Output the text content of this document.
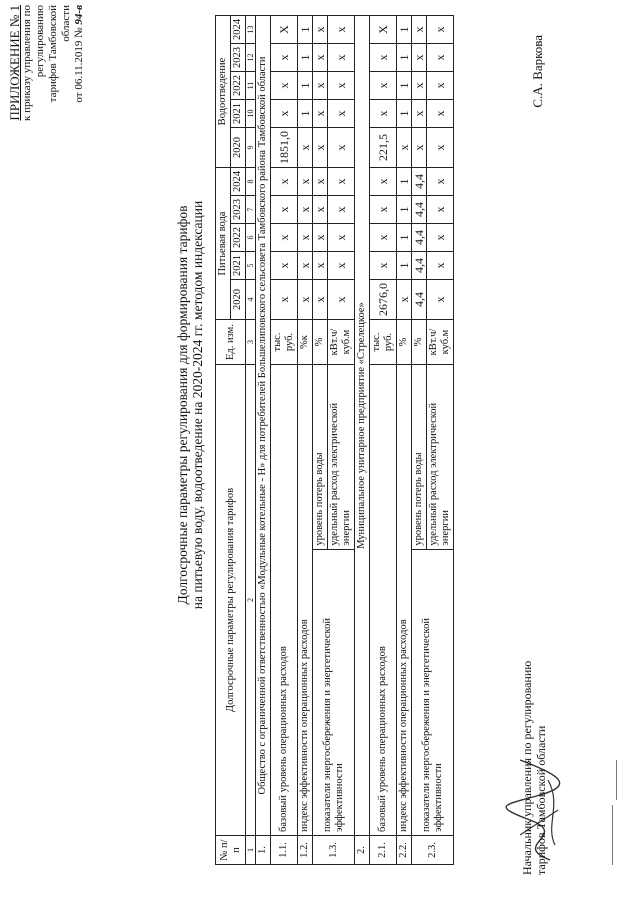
ПРИЛОЖЕНИЕ № 1 к приказу управления по регулированию тарифов Тамбовской области
от 06.11.2019 № 94-в
Долгосрочные параметры регулирования для формирования тарифов на питьевую воду, водоотведение на 2020-2024 гг. методом индексации
№ п/п	Долгосрочные параметры регулирования тарифов		Ед. изм.	Питьевая вода					Водоотведение				
				2020	2021	2022	2023	2024	2020	2021	2022	2023	2024
1	2		3	4	5	6	7	8	9	10	11	12	13
1.	Общество с ограниченной ответственностью «Модульные котельные - Н» для потребителей Большелиповского сельсовета Тамбовского района Тамбовской области												
1.1.	базовый уровень операционных расходов		тыс. руб.	х	х	х	х	х	1851,0	х	х	х	Х
1.2.	индекс эффективности операционных расходов		%к	х	х	х	х	х	х	1	1	1	1
1.3.	показатели энергосбережения и энергетической эффективности	уровень потерь воды	%	х	х	х	х	х	х	х	х	х	х
		удельный расход электрической энергии	кВт.ч/куб.м	х	х	х	х	х	х	х	х	х	х
2.	Муниципальное унитарное предприятие «Стрелецкое»												
2.1.	базовый уровень операционных расходов		тыс. руб.	2676,0	х	х	х	х	221,5	х	х	х	Х
2.2.	индекс эффективности операционных расходов		%	х	1	1	1	1	х	1	1	1	1
2.3.	показатели энергосбережения и энергетической эффективности	уровень потерь воды	%	4,4	4,4	4,4	4,4	4,4	х	х	х	х	х
		удельный расход электрической энергии	кВт.ч/куб.м	х	х	х	х	х	х	х	х	х	х
Начальник управления по регулированию тарифов Тамбовской области
С.А. Варкова
